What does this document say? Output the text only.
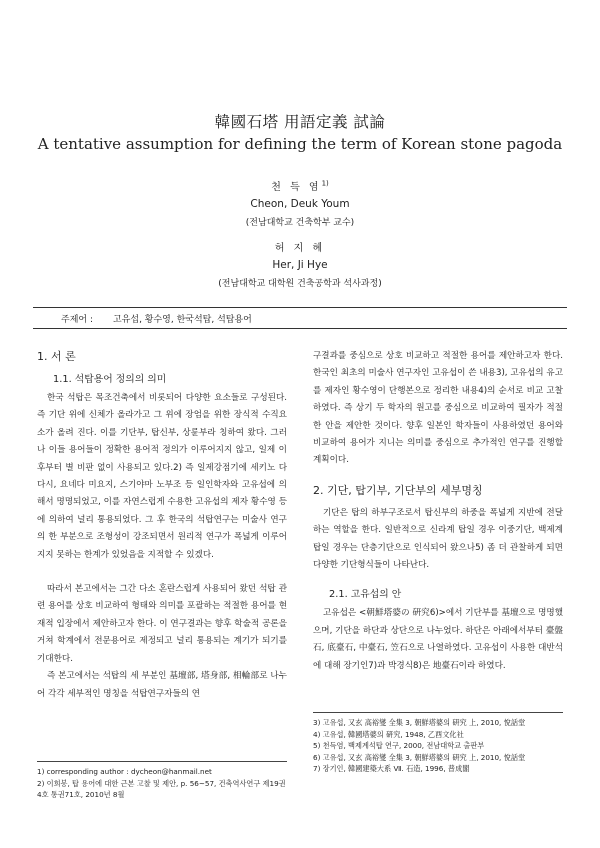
韓國石塔 用語定義 試論
A tentative assumption for defining the term of Korean stone pagoda
천 득 염$^{1)}$
Cheon, Deuk Youm
(전남대학교 건축학부 교수)
허 지 혜
Her, Ji Hye
(전남대학교 대학원 건축공학과 석사과정)
주제어 : 고유섭, 황수영, 한국석탑, 석탑용어
1. 서 론
1.1. 석탑용어 정의의 의미

한국 석탑은 목조건축에서 비롯되어 다양한 요소들로 구성된다. 즉 기단 위에 신체가 올라가고 그 위에 장엄을 위한 장식적 수직요소가 올려 진다. 이를 기단부, 탑신부, 상륜부라 칭하여 왔다. 그러나 이들 용어들이 정확한 용어적 정의가 이루어지지 않고, 일제 이후부터 별 비판 없이 사용되고 있다.2) 즉 일제강점기에 세키노 다다시, 요네다 미요지, 스기야마 노부조 등 일인학자와 고유섭에 의해서 명명되었고, 이를 자연스럽게 수용한 고유섭의 제자 황수영 등에 의하여 널리 통용되었다. 그 후 한국의 석탑연구는 미술사 연구의 한 부분으로 조형성이 강조되면서 원리적 연구가 폭넓게 이루어지지 못하는 한계가 있었음을 지적할 수 있겠다.

따라서 본고에서는 그간 다소 혼란스럽게 사용되어 왔던 석탑 관련 용어를 상호 비교하여 형태와 의미를 포괄하는 적절한 용어를 현재적 입장에서 제안하고자 한다. 이 연구결과는 향후 학술적 공론을 거쳐 학계에서 전문용어로 제정되고 널리 통용되는 계기가 되기를 기대한다.

즉 본고에서는 석탑의 세 부분인 基壇部, 塔身部, 相輪部로 나누어 각각 세부적인 명칭을 석탑연구자들의 연

1) corresponding author : dycheon@hanmail.net

2) 이희봉, 탑 용어에 대한 근본 고찰 및 제안, p. 56~57, 건축역사연구 제19권 4호 통권71호, 2010년 8월

구결과를 중심으로 상호 비교하고 적절한 용어를 제안하고자 한다. 한국인 최초의 미술사 연구자인 고유섭이 쓴 내용3), 고유섭의 유고를 제자인 황수영이 단행본으로 정리한 내용4)의 순서로 비교 고찰하였다. 즉 상기 두 학자의 원고를 중심으로 비교하여 필자가 적절한 안을 제안한 것이다. 향후 일본인 학자들이 사용하였던 용어와 비교하여 용어가 지니는 의미를 중심으로 추가적인 연구를 진행할 계획이다.

2. 기단, 탑기부, 기단부의 세부명칭

기단은 탑의 하부구조로서 탑신부의 하중을 폭넓게 지반에 전달하는 역할을 한다. 일반적으로 신라계 탑일 경우 이중기단, 백제계 탑일 경우는 단층기단으로 인식되어 왔으나5) 좀 더 관찰하게 되면 다양한 기단형식들이 나타난다.

2.1. 고유섭의 안

고유섭은 <朝鮮塔婆の 硏究6)>에서 기단부를 基壇으로 명명했으며, 기단을 하단과 상단으로 나누었다. 하단은 아래에서부터 臺盤石, 底臺石, 中臺石, 笠石으로 나열하였다. 고유섭이 사용한 대반석에 대해 장기인7)과 박경식8)은 地臺石이라 하였다.

3) 고유섭, 又玄 高裕燮 全集 3, 朝鮮塔婆의 硏究 上, 2010, 悅話堂

4) 고유섭, 韓國塔婆의 硏究, 1948, 乙酉文化社

5) 천득염, 백제계석탑 연구, 2000, 전남대학교 출판부

6) 고유섭, 又玄 高裕燮 全集 3, 朝鮮塔婆의 硏究 上, 2010, 悅話堂

7) 장기인, 韓國建築大系 Ⅶ. 石造, 1996, 普成閣
